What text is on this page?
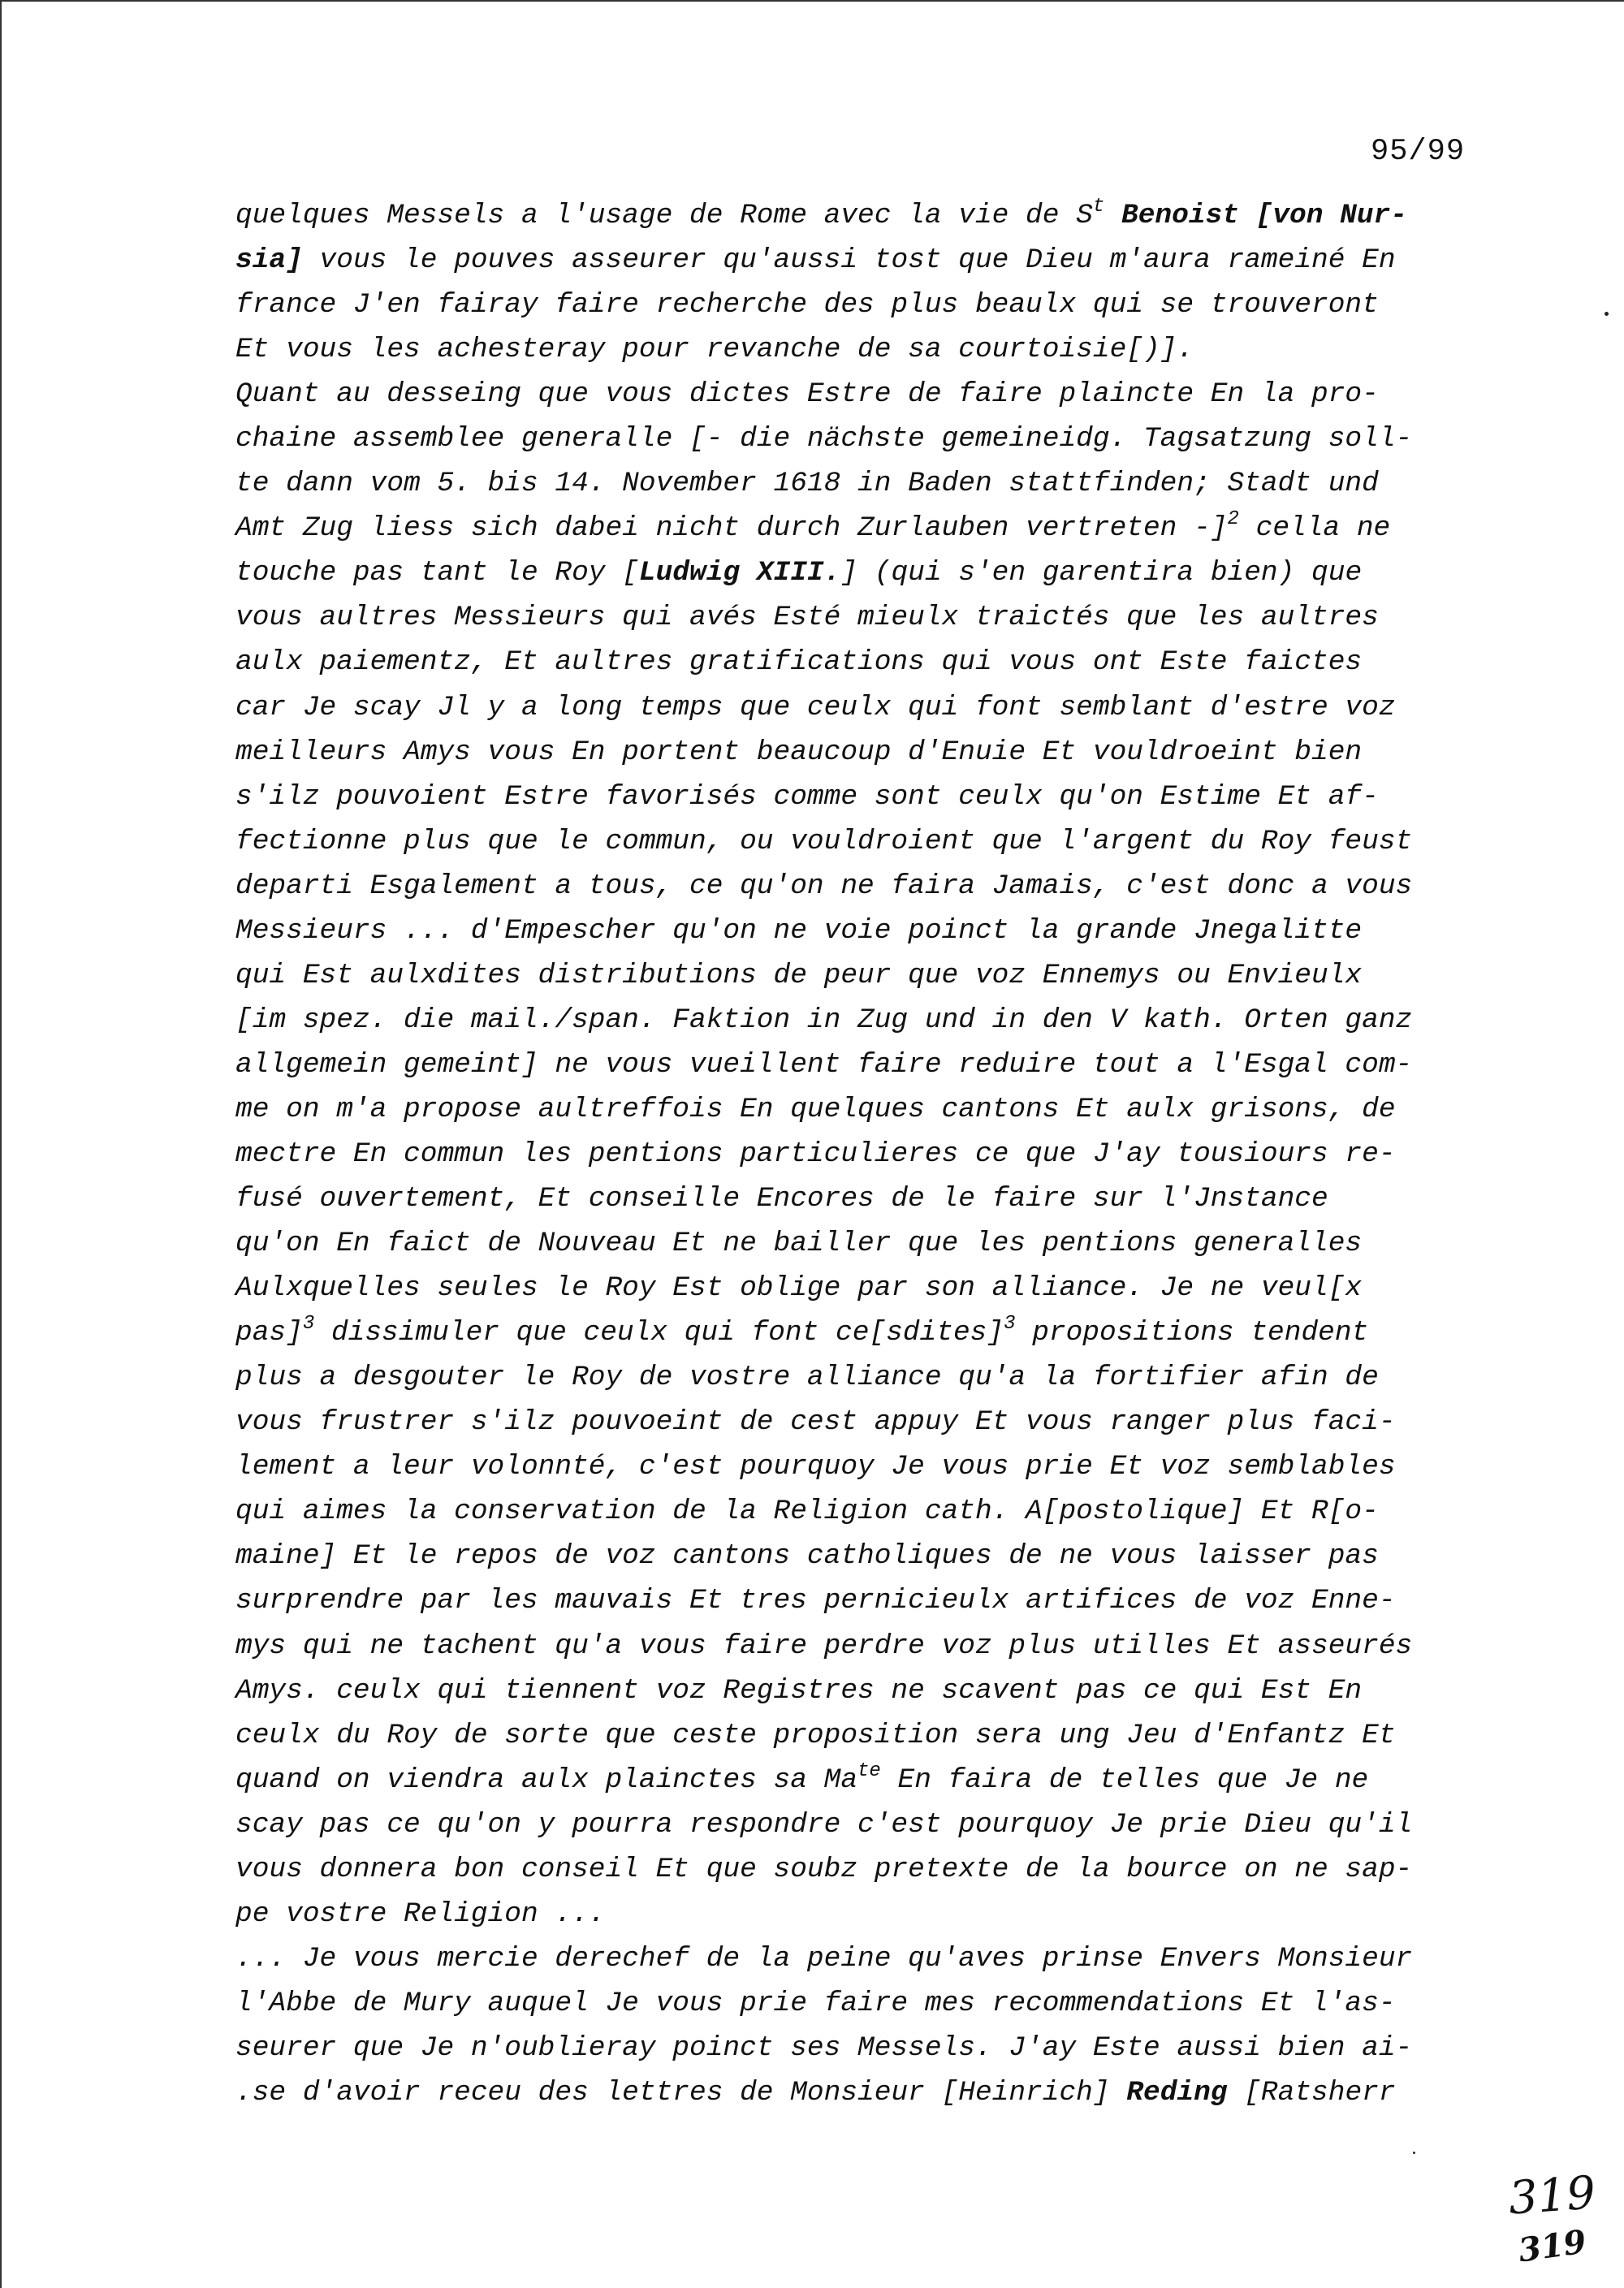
95/99
quelques Messels a l'usage de Rome avec la vie de $S^t$ Benoist [von Nur-
sia] vous le pouves asseurer qu'aussi tost que Dieu m'aura rameiné En
france J'en fairay faire recherche des plus beaulx qui se trouveront
Et vous les achesteray pour revanche de sa courtoisie[)].
Quant au desseing que vous dictes Estre de faire plaincte En la pro-
chaine assemblee generalle [- die nächste gemeineidg. Tagsatzung soll-
te dann vom 5. bis 14. November 1618 in Baden stattfinden; Stadt und
Amt Zug liess sich dabei nicht durch Zurlauben vertreten -]$^2$ cella ne
touche pas tant le Roy [Ludwig XIII.] (qui s'en garentira bien) que
vous aultres Messieurs qui avés Esté mieulx traictés que les aultres
aulx paiementz, Et aultres gratifications qui vous ont Este faictes
car Je scay Jl y a long temps que ceulx qui font semblant d'estre voz
meilleurs Amys vous En portent beaucoup d'Enuie Et vouldroeint bien
s'ilz pouvoient Estre favorisés comme sont ceulx qu'on Estime Et af-
fectionne plus que le commun, ou vouldroient que l'argent du Roy feust
departi Esgalement a tous, ce qu'on ne faira Jamais, c'est donc a vous
Messieurs ... d'Empescher qu'on ne voie poinct la grande Jnegalitte
qui Est aulxdites distributions de peur que voz Ennemys ou Envieulx
[im spez. die mail./span. Faktion in Zug und in den V kath. Orten ganz
allgemein gemeint] ne vous vueillent faire reduire tout a l'Esgal com-
me on m'a propose aultreffois En quelques cantons Et aulx grisons, de
mectre En commun les pentions particulieres ce que J'ay tousiours re-
fusé ouvertement, Et conseille Encores de le faire sur l'Jnstance
qu'on En faict de Nouveau Et ne bailler que les pentions generalles
Aulxquelles seules le Roy Est oblige par son alliance. Je ne veul[x
pas]$^3$ dissimuler que ceulx qui font ce[sdites]$^3$ propositions tendent
plus a desgouter le Roy de vostre alliance qu'a la fortifier afin de
vous frustrer s'ilz pouvoeint de cest appuy Et vous ranger plus faci-
lement a leur volonnté, c'est pourquoy Je vous prie Et voz semblables
qui aimes la conservation de la Religion cath. A[postolique] Et R[o-
maine] Et le repos de voz cantons catholiques de ne vous laisser pas
surprendre par les mauvais Et tres pernicieulx artifices de voz Enne-
mys qui ne tachent qu'a vous faire perdre voz plus utilles Et asseurés
Amys. ceulx qui tiennent voz Registres ne scavent pas ce qui Est En
ceulx du Roy de sorte que ceste proposition sera ung Jeu d'Enfantz Et
quand on viendra aulx plainctes sa $Ma^{te}$ En faira de telles que Je ne
scay pas ce qu'on y pourra respondre c'est pourquoy Je prie Dieu qu'il
vous donnera bon conseil Et que soubz pretexte de la bource on ne sap-
pe vostre Religion ...
... Je vous mercie derechef de la peine qu'aves prinse Envers Monsieur
l'Abbe de Mury auquel Je vous prie faire mes recommendations Et l'as-
seurer que Je n'oublieray poinct ses Messels. J'ay Este aussi bien ai-
.se d'avoir receu des lettres de Monsieur [Heinrich] Reding [Ratsherr
319
319
